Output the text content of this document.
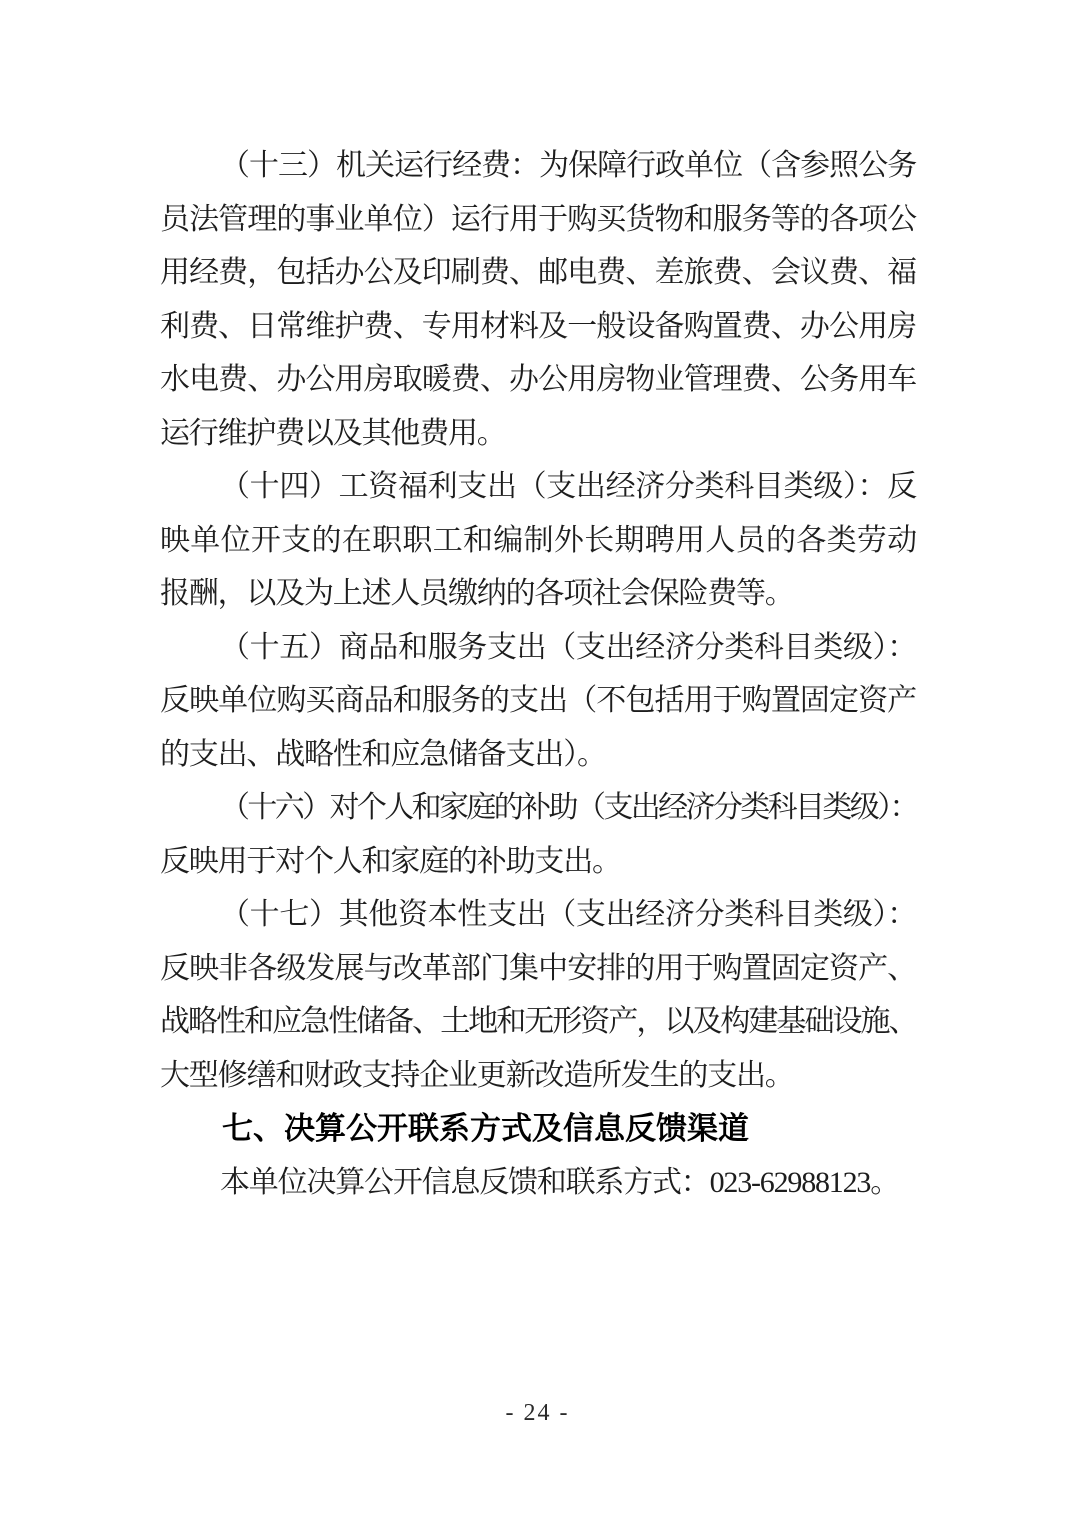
（十三）机关运行经费：为保障行政单位（含参照公务
员法管理的事业单位）运行用于购买货物和服务等的各项公
用经费，包括办公及印刷费、邮电费、差旅费、会议费、福
利费、日常维护费、专用材料及一般设备购置费、办公用房
水电费、办公用房取暖费、办公用房物业管理费、公务用车
运行维护费以及其他费用。
（十四）工资福利支出（支出经济分类科目类级）：反
映单位开支的在职职工和编制外长期聘用人员的各类劳动
报酬，以及为上述人员缴纳的各项社会保险费等。
（十五）商品和服务支出（支出经济分类科目类级）：
反映单位购买商品和服务的支出（不包括用于购置固定资产
的支出、战略性和应急储备支出）。
（十六）对个人和家庭的补助（支出经济分类科目类级）：
反映用于对个人和家庭的补助支出。
（十七）其他资本性支出（支出经济分类科目类级）：
反映非各级发展与改革部门集中安排的用于购置固定资产、
战略性和应急性储备、土地和无形资产，以及构建基础设施、
大型修缮和财政支持企业更新改造所发生的支出。
七、决算公开联系方式及信息反馈渠道
本单位决算公开信息反馈和联系方式：023-62988123。
- 24 -
